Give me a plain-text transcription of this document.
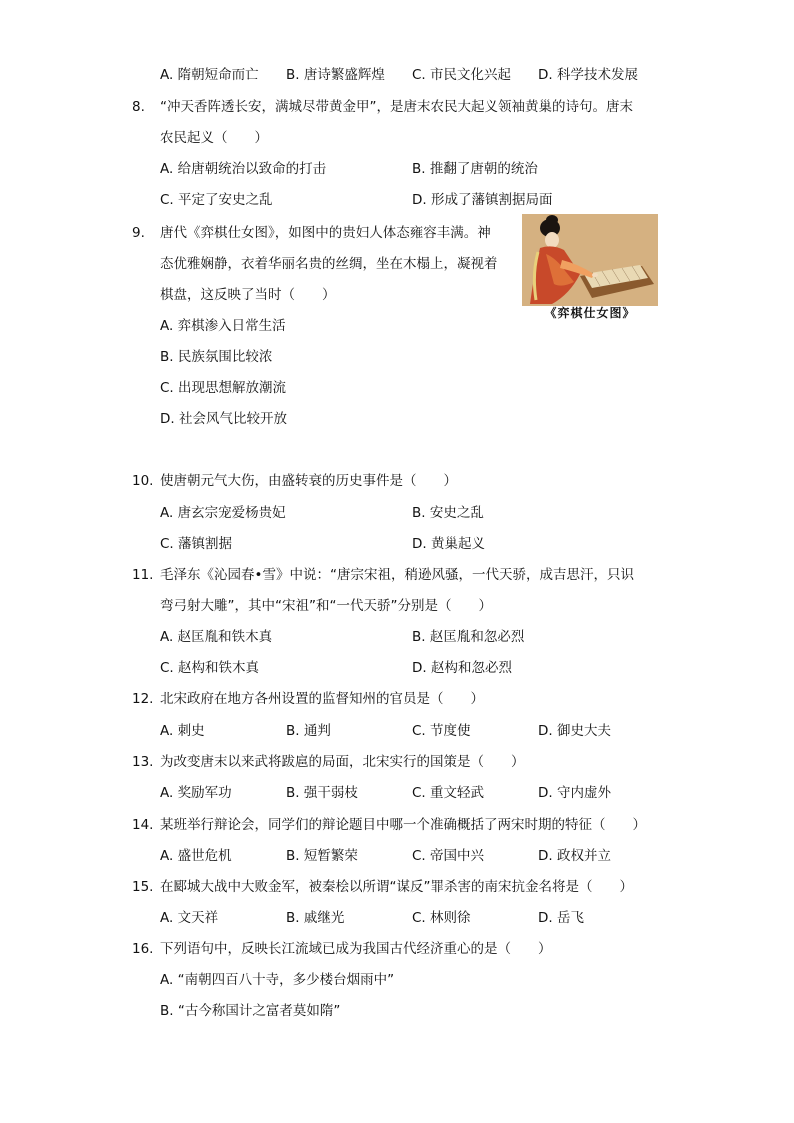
A. 隋朝短命而亡 B. 唐诗繁盛辉煌 C. 市民文化兴起 D. 科学技术发展
8.	“冲天香阵透长安，满城尽带黄金甲”，是唐末农民大起义领袖黄巢的诗句。唐末
农民起义（　　）
A. 给唐朝统治以致命的打击	B. 推翻了唐朝的统治
C. 平定了安史之乱	D. 形成了藩镇割据局面
9.	唐代《弈棋仕女图》，如图中的贵妇人体态雍容丰满。神
态优雅娴静，衣着华丽名贵的丝绸，坐在木榻上，凝视着
棋盘，这反映了当时（　　）
《弈棋仕女图》
A. 弈棋渗入日常生活
B. 民族氛围比较浓
C. 出现思想解放潮流
D. 社会风气比较开放
10. 使唐朝元气大伤，由盛转衰的历史事件是（　　）
A. 唐玄宗宠爱杨贵妃	B. 安史之乱
C. 藩镇割据	D. 黄巢起义
11. 毛泽东《沁园春•雪》中说：“唐宗宋祖，稍逊风骚，一代天骄，成吉思汗，只识
弯弓射大雕”，其中“宋祖”和“一代天骄”分别是（　　）
A. 赵匡胤和铁木真	B. 赵匡胤和忽必烈
C. 赵构和铁木真	D. 赵构和忽必烈
12. 北宋政府在地方各州设置的监督知州的官员是（　　）
A. 刺史	B. 通判	C. 节度使	D. 御史大夫
13. 为改变唐末以来武将跋扈的局面，北宋实行的国策是（　　）
A. 奖励军功	B. 强干弱枝	C. 重文轻武	D. 守内虚外
14. 某班举行辩论会，同学们的辩论题目中哪一个准确概括了两宋时期的特征（　　）
A. 盛世危机	B. 短暂繁荣	C. 帝国中兴	D. 政权并立
15. 在郾城大战中大败金军，被秦桧以所谓“谋反”罪杀害的南宋抗金名将是（　　）
A. 文天祥	B. 戚继光	C. 林则徐	D. 岳飞
16. 下列语句中，反映长江流域已成为我国古代经济重心的是（　　）
A. “南朝四百八十寺，多少楼台烟雨中”
B. “古今称国计之富者莫如隋”
